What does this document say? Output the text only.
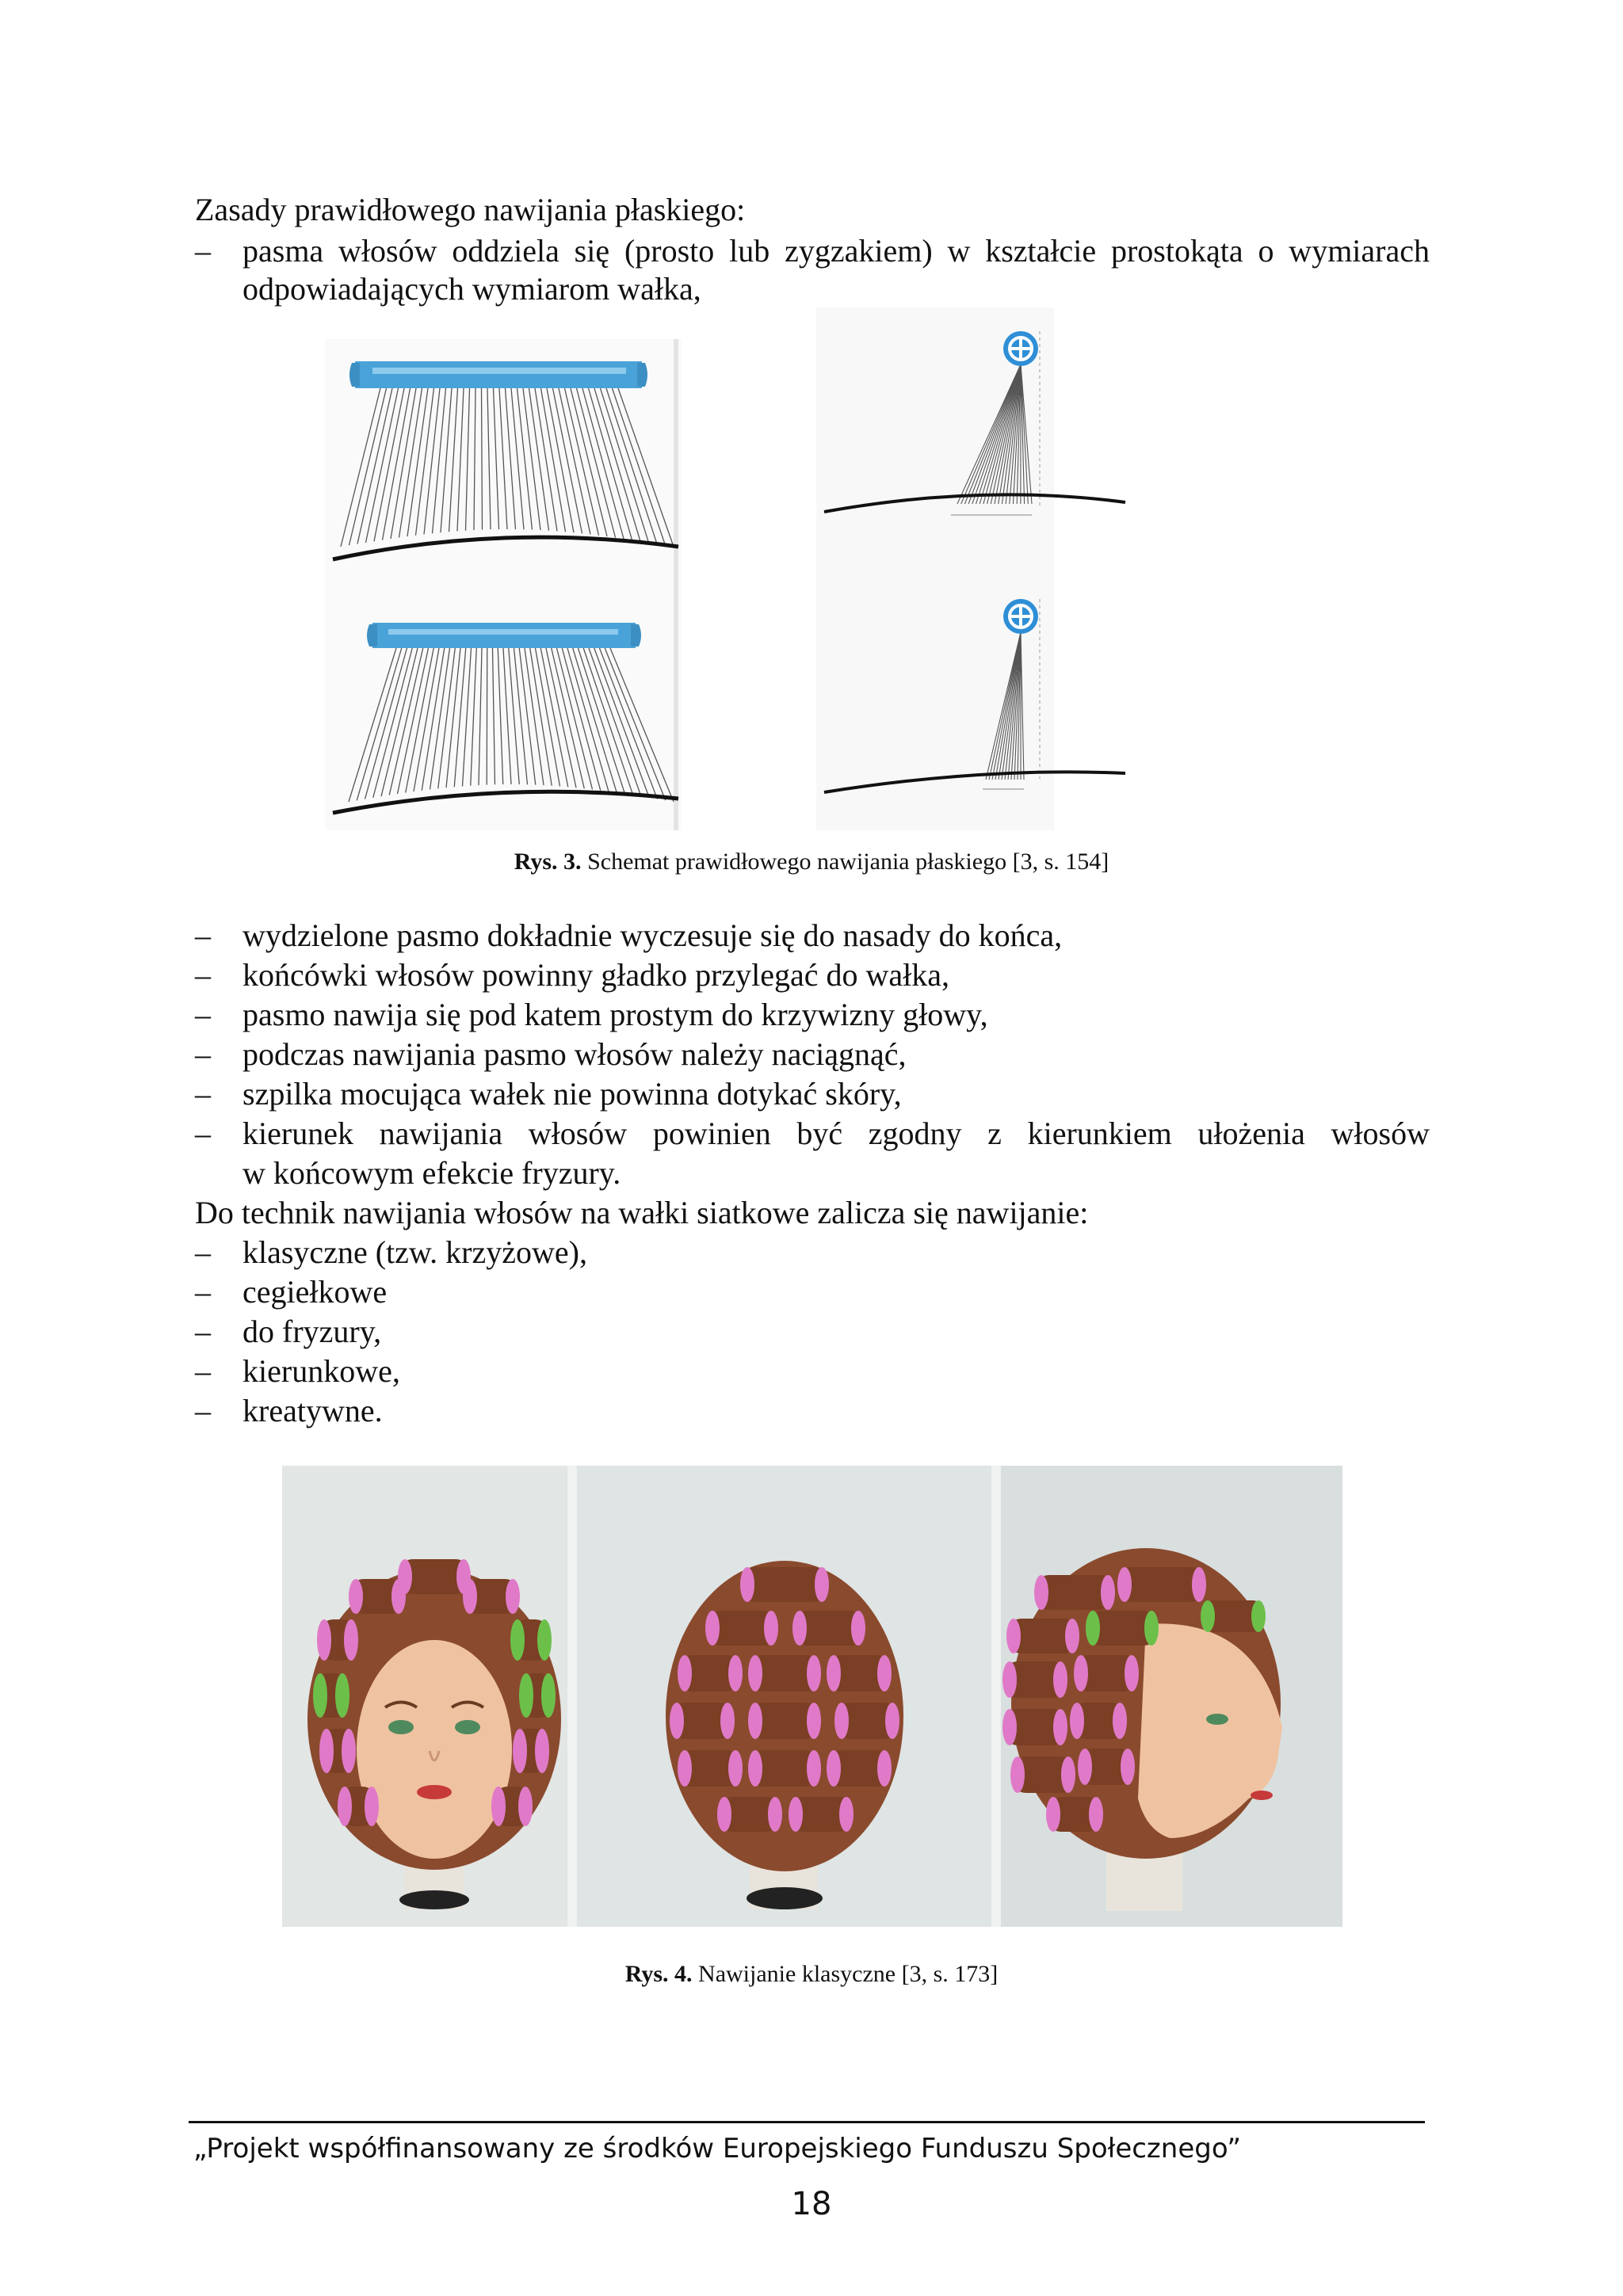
Zasady prawidłowego nawijania płaskiego:
– pasma włosów oddziela się (prosto lub zygzakiem) w kształcie prostokąta o wymiarach
odpowiadających wymiarom wałka,
Rys. 3. Schemat prawidłowego nawijania płaskiego [3, s. 154]
– wydzielone pasmo dokładnie wyczesuje się do nasady do końca,
– końcówki włosów powinny gładko przylegać do wałka,
– pasmo nawija się pod katem prostym do krzywizny głowy,
– podczas nawijania pasmo włosów należy naciągnąć,
– szpilka mocująca wałek nie powinna dotykać skóry,
– kierunek nawijania włosów powinien być zgodny z kierunkiem ułożenia włosów
w końcowym efekcie fryzury.
Do technik nawijania włosów na wałki siatkowe zalicza się nawijanie:
– klasyczne (tzw. krzyżowe),
– cegiełkowe
– do fryzury,
– kierunkowe,
– kreatywne.
Rys. 4. Nawijanie klasyczne [3, s. 173]
„Projekt współfinansowany ze środków Europejskiego Funduszu Społecznego”
18
